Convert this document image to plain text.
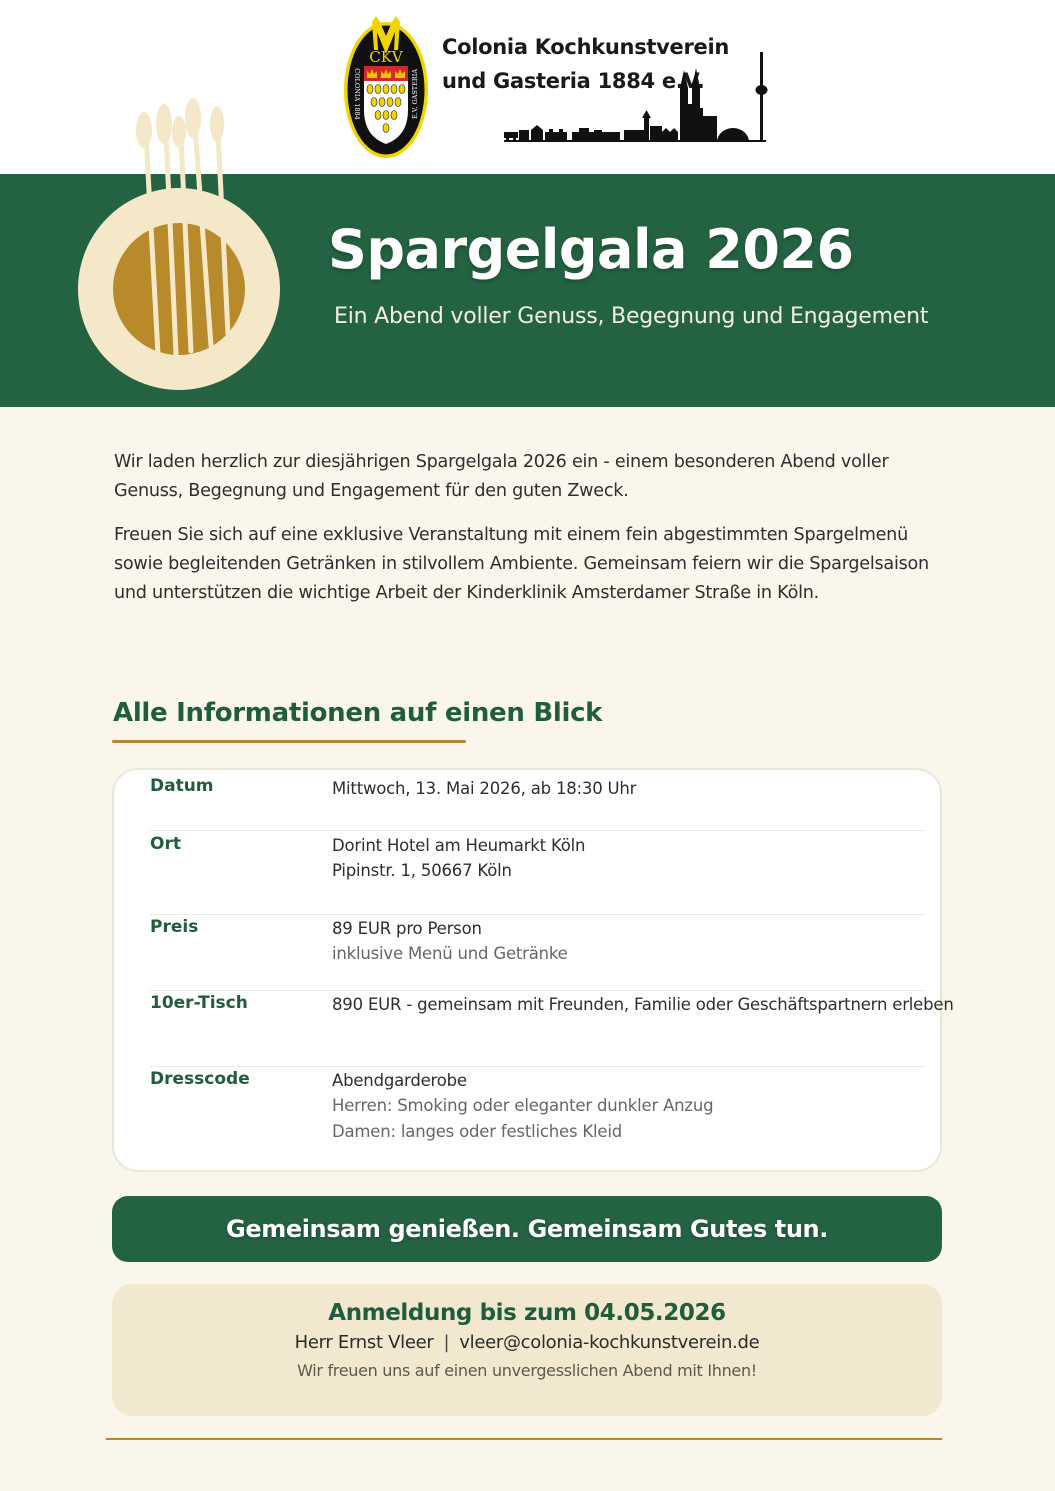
CKV
COLONIA 1884	E.V. GASTERIA
Colonia Kochkunstverein
und Gasteria 1884 e.V.
Spargelgala 2026
Ein Abend voller Genuss, Begegnung und Engagement

Wir laden herzlich zur diesjährigen Spargelgala 2026 ein - einem besonderen Abend voller Genuss, Begegnung und Engagement für den guten Zweck.

Freuen Sie sich auf eine exklusive Veranstaltung mit einem fein abgestimmten Spargelmenü sowie begleitenden Getränken in stilvollem Ambiente. Gemeinsam feiern wir die Spargelsaison und unterstützen die wichtige Arbeit der Kinderklinik Amsterdamer Straße in Köln.

Alle Informationen auf einen Blick
Datum	Mittwoch, 13. Mai 2026, ab 18:30 Uhr
Ort	Dorint Hotel am Heumarkt Köln
Pipinstr. 1, 50667 Köln
Preis	89 EUR pro Person
inklusive Menü und Getränke
10er-Tisch	890 EUR - gemeinsam mit Freunden, Familie oder Geschäftspartnern erleben
Dresscode	Abendgarderobe
Herren: Smoking oder eleganter dunkler Anzug
Damen: langes oder festliches Kleid
Gemeinsam genießen. Gemeinsam Gutes tun.
Anmeldung bis zum 04.05.2026
Herr Ernst Vleer | vleer@colonia-kochkunstverein.de
Wir freuen uns auf einen unvergesslichen Abend mit Ihnen!
